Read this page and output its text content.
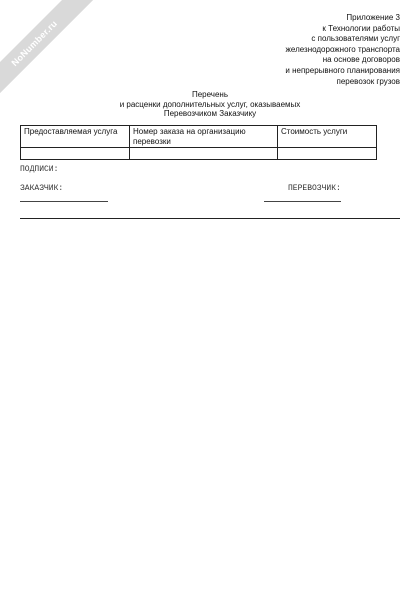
NoNumber.ru
Приложение 3
к Технологии работы
с пользователями услуг
железнодорожного транспорта
на основе договоров
и непрерывного планирования
перевозок грузов
Перечень
и расценки дополнительных услуг, оказываемых
Перевозчиком Заказчику
Предоставляемая услуга	Номер заказа на организацию перевозки	Стоимость услуги

ПОДПИСИ:
ЗАКАЗЧИК:	ПЕРЕВОЗЧИК:
